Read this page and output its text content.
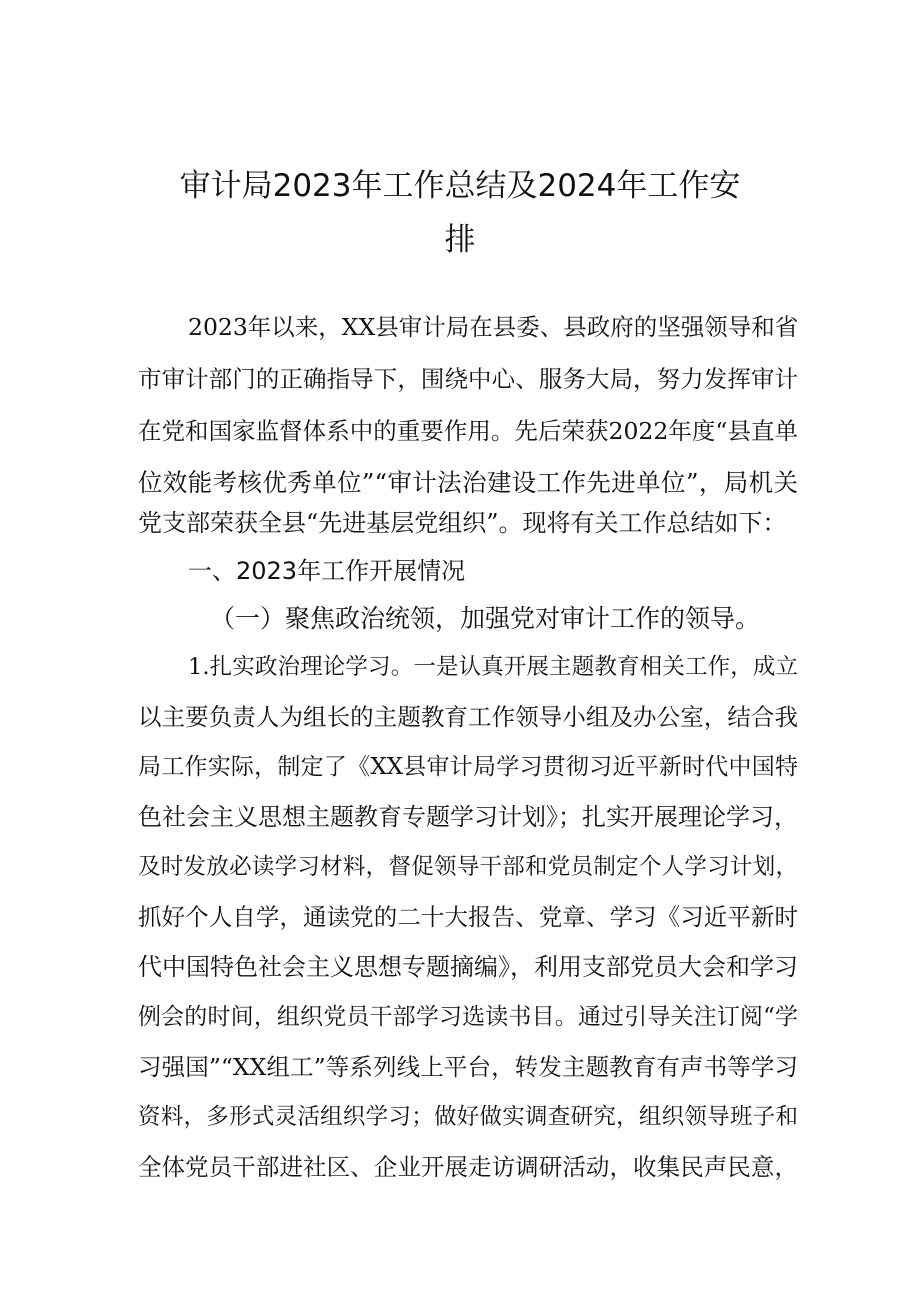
审计局2023年工作总结及2024年工作安
排
2023年以来，XX县审计局在县委、县政府的坚强领导和省
市审计部门的正确指导下，围绕中心、服务大局，努力发挥审计
在党和国家监督体系中的重要作用。先后荣获2022年度“县直单
位效能考核优秀单位”“审计法治建设工作先进单位”，局机关
党支部荣获全县“先进基层党组织”。现将有关工作总结如下：
一、2023年工作开展情况
（一）聚焦政治统领，加强党对审计工作的领导。
1.扎实政治理论学习。一是认真开展主题教育相关工作，成立
以主要负责人为组长的主题教育工作领导小组及办公室，结合我
局工作实际，制定了《XX县审计局学习贯彻习近平新时代中国特
色社会主义思想主题教育专题学习计划》；扎实开展理论学习，
及时发放必读学习材料，督促领导干部和党员制定个人学习计划，
抓好个人自学，通读党的二十大报告、党章、学习《习近平新时
代中国特色社会主义思想专题摘编》，利用支部党员大会和学习
例会的时间，组织党员干部学习选读书目。通过引导关注订阅“学
习强国”“XX组工”等系列线上平台，转发主题教育有声书等学习
资料，多形式灵活组织学习；做好做实调查研究，组织领导班子和
全体党员干部进社区、企业开展走访调研活动，收集民声民意，
